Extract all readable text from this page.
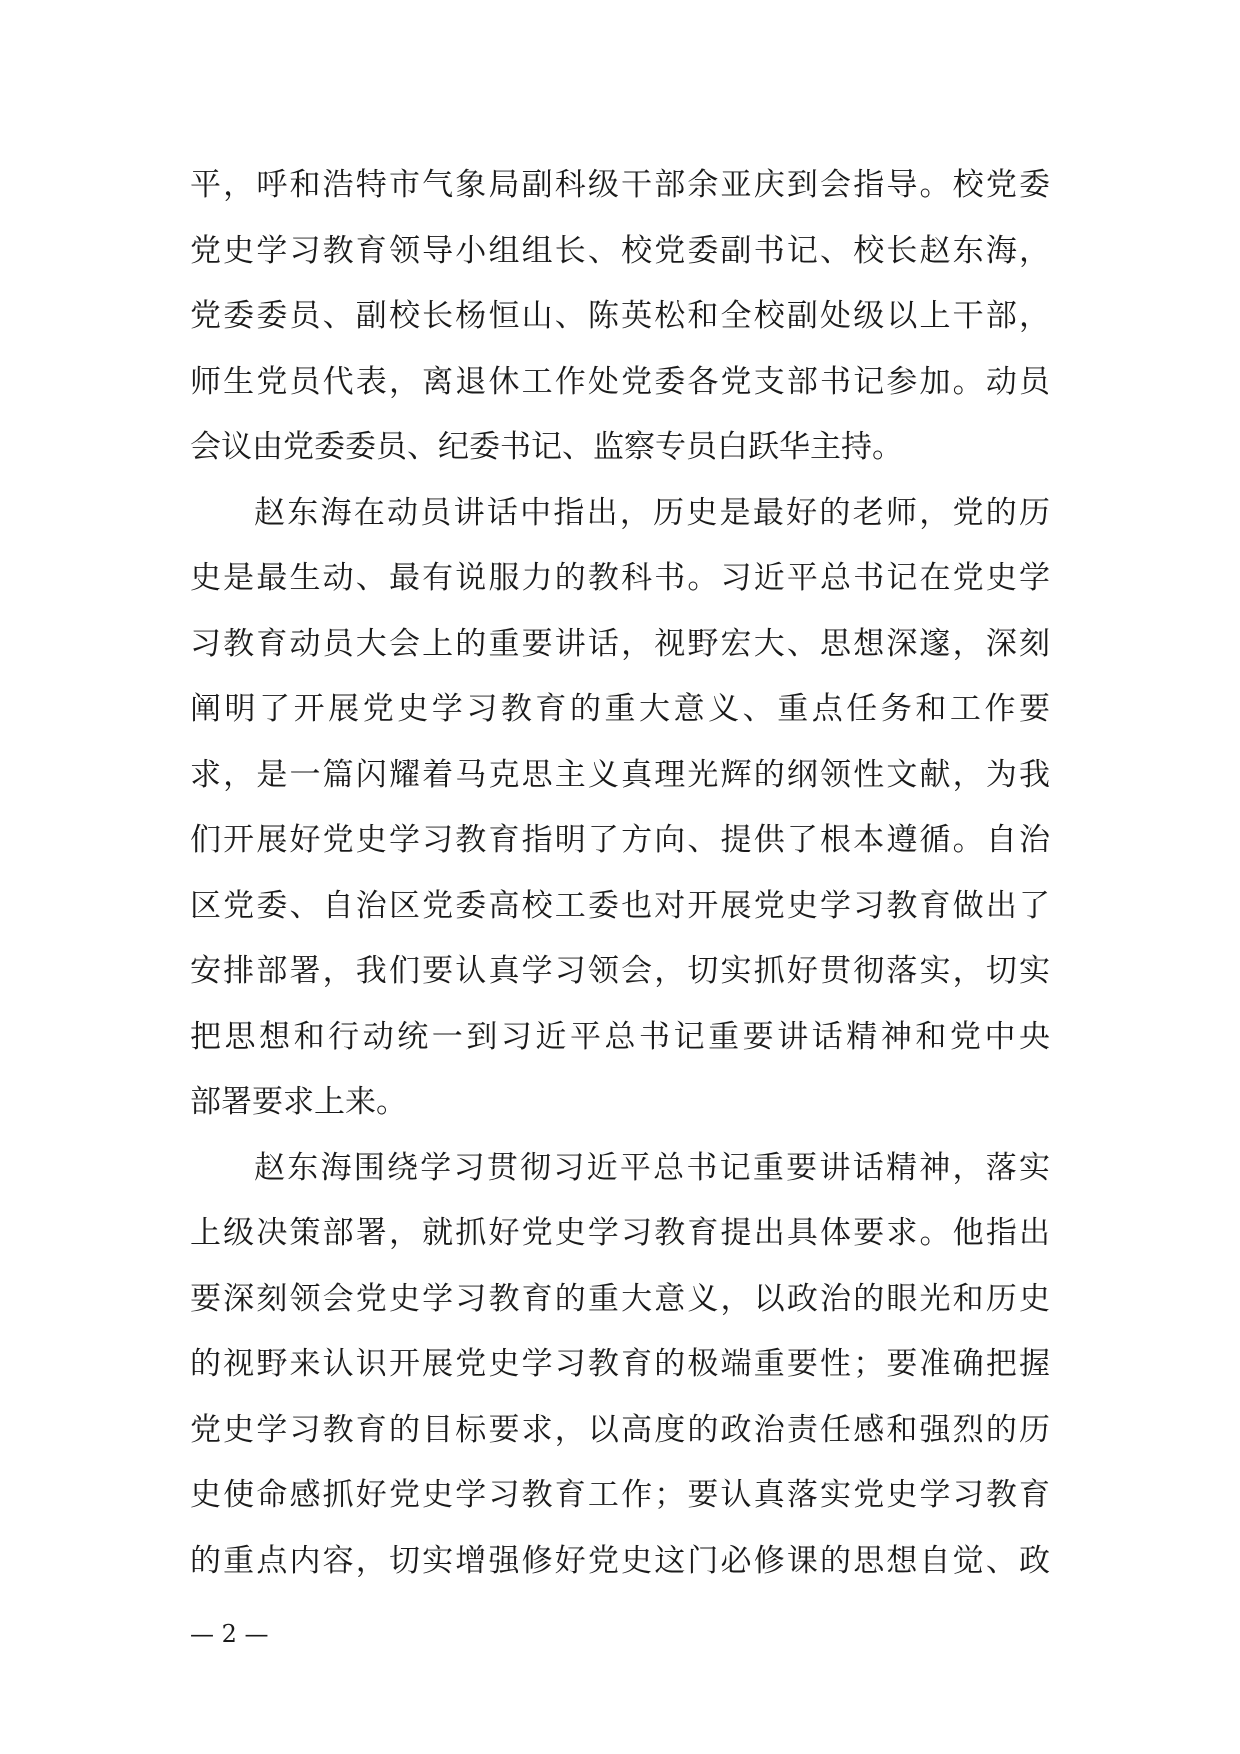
平，呼和浩特市气象局副科级干部余亚庆到会指导。校党委
党史学习教育领导小组组长、校党委副书记、校长赵东海，
党委委员、副校长杨恒山、陈英松和全校副处级以上干部，
师生党员代表，离退休工作处党委各党支部书记参加。动员
会议由党委委员、纪委书记、监察专员白跃华主持。
赵东海在动员讲话中指出，历史是最好的老师，党的历
史是最生动、最有说服力的教科书。习近平总书记在党史学
习教育动员大会上的重要讲话，视野宏大、思想深邃，深刻
阐明了开展党史学习教育的重大意义、重点任务和工作要
求，是一篇闪耀着马克思主义真理光辉的纲领性文献，为我
们开展好党史学习教育指明了方向、提供了根本遵循。自治
区党委、自治区党委高校工委也对开展党史学习教育做出了
安排部署，我们要认真学习领会，切实抓好贯彻落实，切实
把思想和行动统一到习近平总书记重要讲话精神和党中央
部署要求上来。
赵东海围绕学习贯彻习近平总书记重要讲话精神，落实
上级决策部署，就抓好党史学习教育提出具体要求。他指出
要深刻领会党史学习教育的重大意义，以政治的眼光和历史
的视野来认识开展党史学习教育的极端重要性；要准确把握
党史学习教育的目标要求，以高度的政治责任感和强烈的历
史使命感抓好党史学习教育工作；要认真落实党史学习教育
的重点内容，切实增强修好党史这门必修课的思想自觉、政
— 2 —
